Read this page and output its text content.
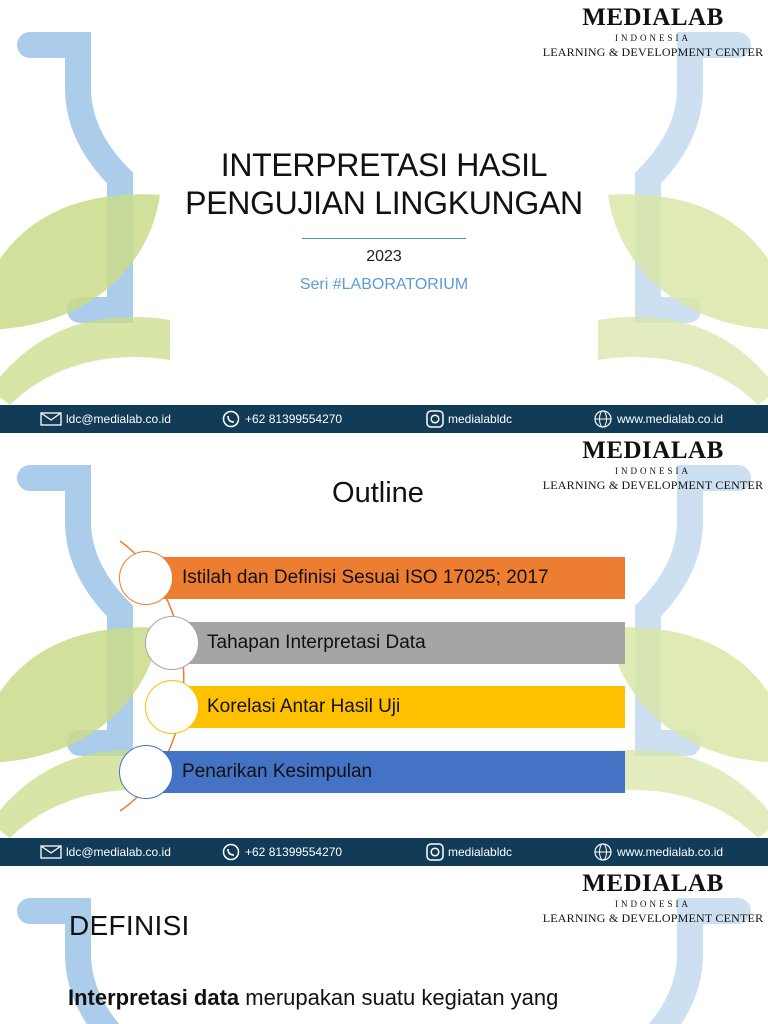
MEDIALAB
INDONESIA
LEARNING & DEVELOPMENT CENTER
INTERPRETASI HASIL
PENGUJIAN LINGKUNGAN
2023
Seri #LABORATORIUM
ldc@medialab.co.id	+62 81399554270	medialabldc	www.medialab.co.id
MEDIALAB
INDONESIA
LEARNING & DEVELOPMENT CENTER
Outline
Istilah dan Definisi Sesuai ISO 17025; 2017
Tahapan Interpretasi Data
Korelasi Antar Hasil Uji
Penarikan Kesimpulan
ldc@medialab.co.id	+62 81399554270	medialabldc	www.medialab.co.id
MEDIALAB
INDONESIA
LEARNING & DEVELOPMENT CENTER
DEFINISI
Interpretasi data merupakan suatu kegiatan yang
